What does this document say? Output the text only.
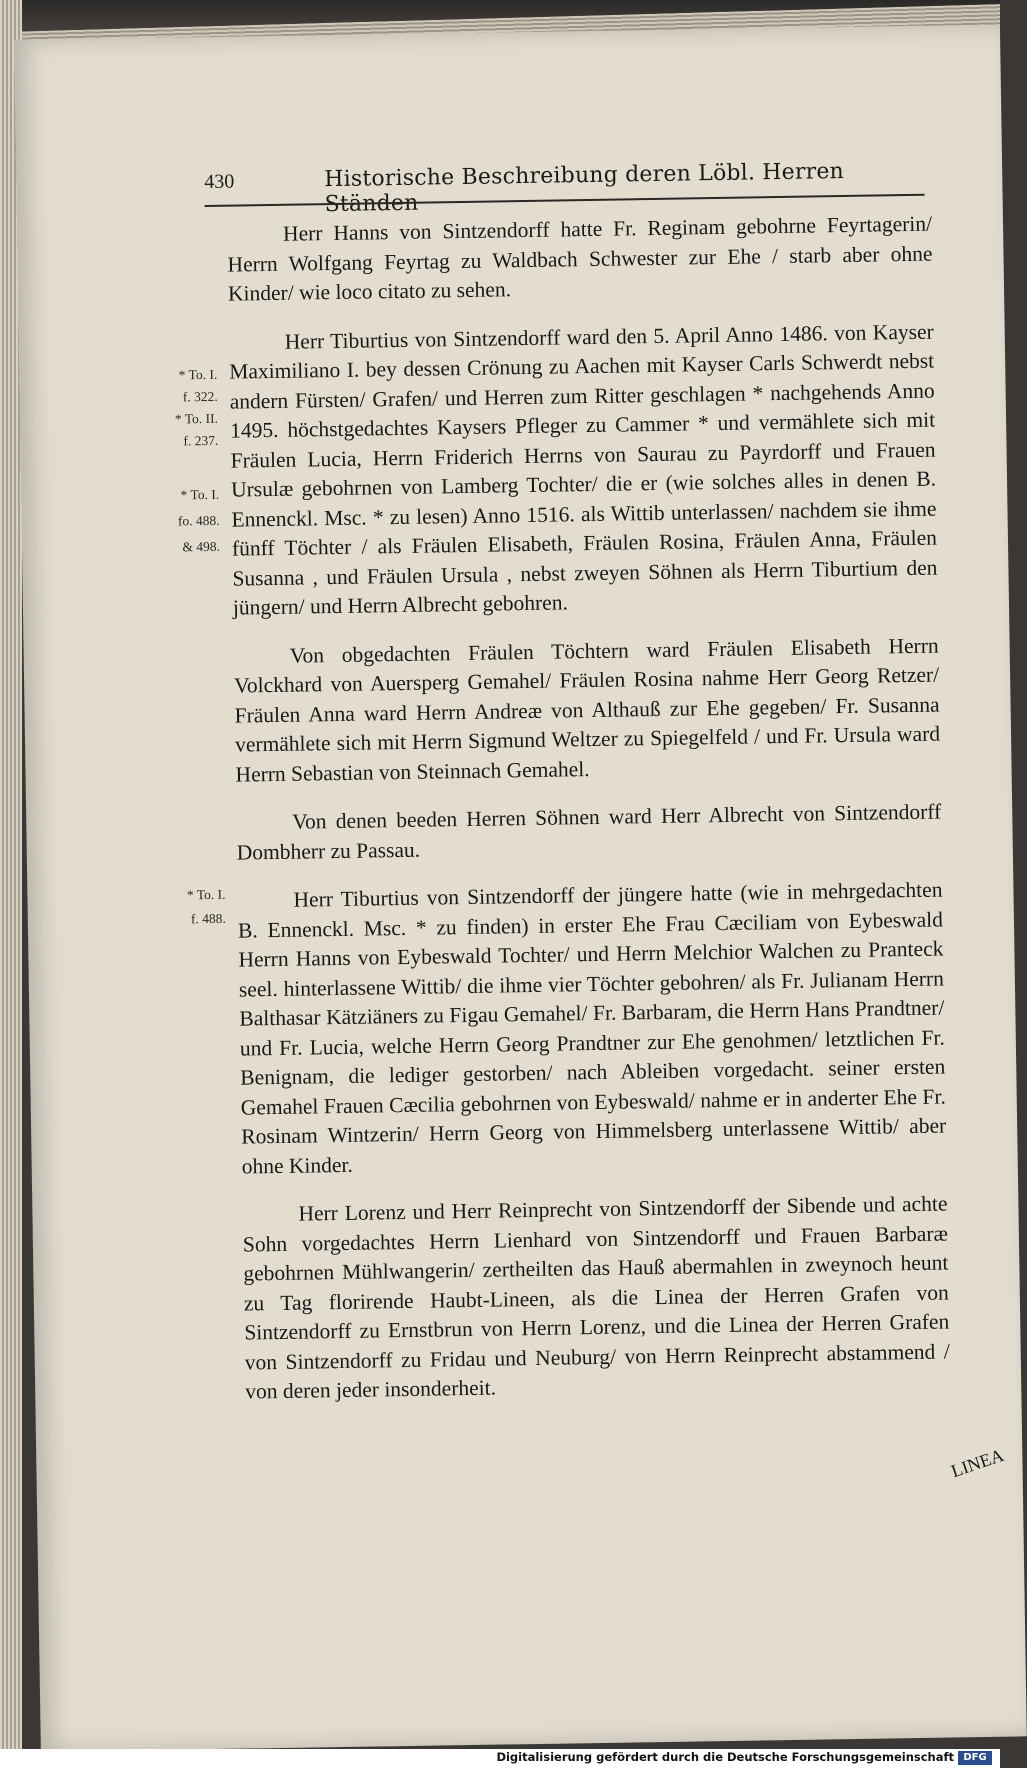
430	Historische Beschreibung deren Löbl. Herren Ständen

Herr Hanns von Sintzendorff hatte Fr. Reginam gebohrne Feyrtagerin/ Herrn Wolfgang Feyrtag zu Waldbach Schwester zur Ehe / starb aber ohne Kinder/ wie loco citato zu sehen.

Herr Tiburtius von Sintzendorff ward den 5. April Anno 1486. von Kayser Maximiliano I. bey dessen Crönung zu Aachen mit Kayser Carls Schwerdt nebst andern Fürsten/ Grafen/ und Herren zum Ritter geschlagen * nachgehends Anno 1495. höchstgedachtes Kaysers Pfleger zu Cammer * und vermählete sich mit Fräulen Lucia, Herrn Friderich Herrns von Saurau zu Payrdorff und Frauen Ursulæ gebohrnen von Lamberg Tochter/ die er (wie solches alles in denen B. Ennenckl. Msc. * zu lesen) Anno 1516. als Wittib unterlassen/ nachdem sie ihme fünff Töchter / als Fräulen Elisabeth, Fräulen Rosina, Fräulen Anna, Fräulen Susanna , und Fräulen Ursula , nebst zweyen Söhnen als Herrn Tiburtium den jüngern/ und Herrn Albrecht gebohren.

Von obgedachten Fräulen Töchtern ward Fräulen Elisabeth Herrn Volckhard von Auersperg Gemahel/ Fräulen Rosina nahme Herr Georg Retzer/ Fräulen Anna ward Herrn Andreæ von Althauß zur Ehe gegeben/ Fr. Susanna vermählete sich mit Herrn Sigmund Weltzer zu Spiegelfeld / und Fr. Ursula ward Herrn Sebastian von Steinnach Gemahel.

Von denen beeden Herren Söhnen ward Herr Albrecht von Sintzendorff Dombherr zu Passau.

Herr Tiburtius von Sintzendorff der jüngere hatte (wie in mehrgedachten B. Ennenckl. Msc. * zu finden) in erster Ehe Frau Cæciliam von Eybeswald Herrn Hanns von Eybeswald Tochter/ und Herrn Melchior Walchen zu Pranteck seel. hinterlassene Wittib/ die ihme vier Töchter gebohren/ als Fr. Julianam Herrn Balthasar Kätziäners zu Figau Gemahel/ Fr. Barbaram, die Herrn Hans Prandtner/ und Fr. Lucia, welche Herrn Georg Prandtner zur Ehe genohmen/ letztlichen Fr. Benignam, die lediger gestorben/ nach Ableiben vorgedacht. seiner ersten Gemahel Frauen Cæcilia gebohrnen von Eybeswald/ nahme er in anderter Ehe Fr. Rosinam Wintzerin/ Herrn Georg von Himmelsberg unterlassene Wittib/ aber ohne Kinder.

Herr Lorenz und Herr Reinprecht von Sintzendorff der Sibende und achte Sohn vorgedachtes Herrn Lienhard von Sintzendorff und Frauen Barbaræ gebohrnen Mühlwangerin/ zertheilten das Hauß abermahlen in zweynoch heunt zu Tag florirende Haubt-Lineen, als die Linea der Herren Grafen von Sintzendorff zu Ernstbrun von Herrn Lorenz, und die Linea der Herren Grafen von Sintzendorff zu Fridau und Neuburg/ von Herrn Reinprecht abstammend / von deren jeder insonderheit.

* To. I.
f. 322.
* To. II.
f. 237.
* To. I.
fo. 488.
& 498.
* To. I.
f. 488.
LINEA
Digitalisierung gefördert durch die Deutsche Forschungsgemeinschaft DFG
